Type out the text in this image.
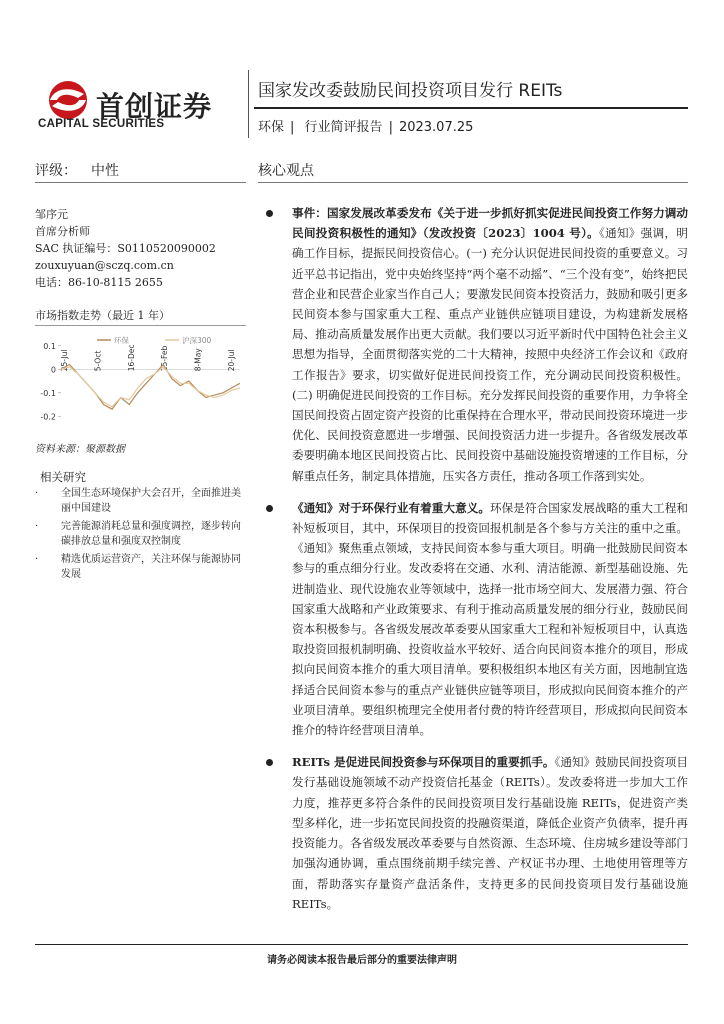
首创证券
CAPITAL SECURITIES
国家发改委鼓励民间投资项目发行 REITs
环保 | 行业简评报告 | 2023.07.25
评级： 中性	核心观点
邹序元
首席分析师
SAC 执证编号：S0110520090002
zouxuyuan@sczq.com.cn
电话：86-10-8115 2655
市场指数走势（最近 1 年）
0.1
0
-0.1
-0.2
25-Jul	5-Oct	16-Dec	25-Feb	8-May	20-Jul
环保	沪深300
资料来源：聚源数据
相关研究
· 全国生态环境保护大会召开，全面推进美丽中国建设
· 完善能源消耗总量和强度调控，逐步转向碳排放总量和强度双控制度
· 精选优质运营资产，关注环保与能源协同发展

事件：国家发展改革委发布《关于进一步抓好抓实促进民间投资工作努力调动民间投资积极性的通知》（发改投资〔2023〕1004 号）。《通知》强调，明确工作目标，提振民间投资信心。(一) 充分认识促进民间投资的重要意义。习近平总书记指出，党中央始终坚持“两个毫不动摇”、“三个没有变”，始终把民营企业和民营企业家当作自己人；要激发民间资本投资活力，鼓励和吸引更多民间资本参与国家重大工程、重点产业链供应链项目建设，为构建新发展格局、推动高质量发展作出更大贡献。我们要以习近平新时代中国特色社会主义思想为指导，全面贯彻落实党的二十大精神，按照中央经济工作会议和《政府工作报告》要求，切实做好促进民间投资工作，充分调动民间投资积极性。(二) 明确促进民间投资的工作目标。充分发挥民间投资的重要作用，力争将全国民间投资占固定资产投资的比重保持在合理水平，带动民间投资环境进一步优化、民间投资意愿进一步增强、民间投资活力进一步提升。各省级发展改革委要明确本地区民间投资占比、民间投资中基础设施投资增速的工作目标，分解重点任务，制定具体措施，压实各方责任，推动各项工作落到实处。

《通知》对于环保行业有着重大意义。环保是符合国家发展战略的重大工程和补短板项目，其中，环保项目的投资回报机制是各个参与方关注的重中之重。《通知》聚焦重点领域，支持民间资本参与重大项目。明确一批鼓励民间资本参与的重点细分行业。发改委将在交通、水利、清洁能源、新型基础设施、先进制造业、现代设施农业等领域中，选择一批市场空间大、发展潜力强、符合国家重大战略和产业政策要求、有利于推动高质量发展的细分行业，鼓励民间资本积极参与。各省级发展改革委要从国家重大工程和补短板项目中，认真选取投资回报机制明确、投资收益水平较好、适合向民间资本推介的项目，形成拟向民间资本推介的重大项目清单。要积极组织本地区有关方面，因地制宜选择适合民间资本参与的重点产业链供应链等项目，形成拟向民间资本推介的产业项目清单。要组织梳理完全使用者付费的特许经营项目，形成拟向民间资本推介的特许经营项目清单。

REITs 是促进民间投资参与环保项目的重要抓手。《通知》鼓励民间投资项目发行基础设施领域不动产投资信托基金（REITs）。发改委将进一步加大工作力度，推荐更多符合条件的民间投资项目发行基础设施 REITs，促进资产类型多样化，进一步拓宽民间投资的投融资渠道，降低企业资产负债率，提升再投资能力。各省级发展改革委要与自然资源、生态环境、住房城乡建设等部门加强沟通协调，重点围绕前期手续完善、产权证书办理、土地使用管理等方面，帮助落实存量资产盘活条件，支持更多的民间投资项目发行基础设施 REITs。

请务必阅读本报告最后部分的重要法律声明
